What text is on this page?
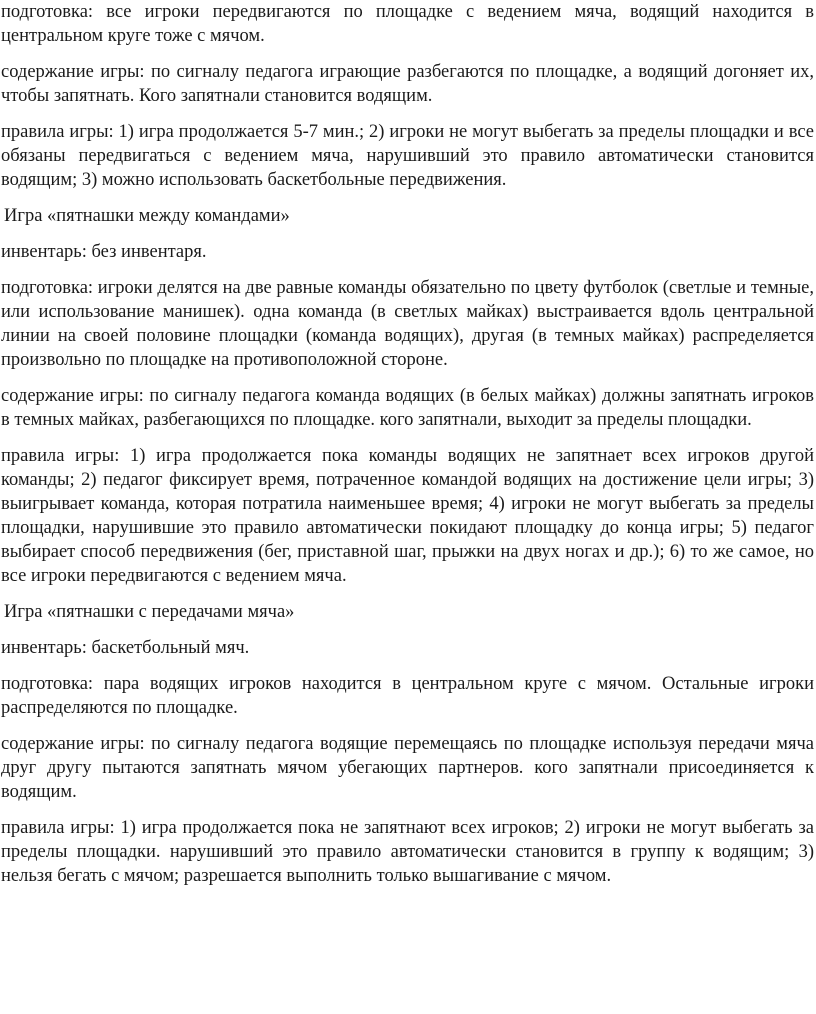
подготовка: все игроки передвигаются по площадке с ведением мяча, водящий находится в центральном круге тоже с мячом.

содержание игры: по сигналу педагога играющие разбегаются по площадке, а водящий догоняет их, чтобы запятнать. Кого запятнали становится водящим.

правила игры: 1) игра продолжается 5-7 мин.; 2) игроки не могут выбегать за пределы площадки и все обязаны передвигаться с ведением мяча, нарушивший это правило автоматически становится водящим; 3) можно использовать баскетбольные передвижения.

Игра «пятнашки между командами»

инвентарь: без инвентаря.

подготовка: игроки делятся на две равные команды обязательно по цвету футболок (светлые и темные, или использование манишек). одна команда (в светлых майках) выстраивается вдоль центральной линии на своей половине площадки (команда водящих), другая (в темных майках) распределяется произвольно по площадке на противоположной стороне.

содержание игры: по сигналу педагога команда водящих (в белых майках) должны запятнать игроков в темных майках, разбегающихся по площадке. кого запятнали, выходит за пределы площадки.

правила игры: 1) игра продолжается пока команды водящих не запятнает всех игроков другой команды; 2) педагог фиксирует время, потраченное командой водящих на достижение цели игры; 3) выигрывает команда, которая потратила наименьшее время; 4) игроки не могут выбегать за пределы площадки, нарушившие это правило автоматически покидают площадку до конца игры; 5) педагог выбирает способ передвижения (бег, приставной шаг, прыжки на двух ногах и др.); 6) то же самое, но все игроки передвигаются с ведением мяча.

Игра «пятнашки с передачами мяча»

инвентарь: баскетбольный мяч.

подготовка: пара водящих игроков находится в центральном круге с мячом. Остальные игроки распределяются по площадке.

содержание игры: по сигналу педагога водящие перемещаясь по площадке используя передачи мяча друг другу пытаются запятнать мячом убегающих партнеров. кого запятнали присоединяется к водящим.

правила игры: 1) игра продолжается пока не запятнают всех игроков; 2) игроки не могут выбегать за пределы площадки. нарушивший это правило автоматически становится в группу к водящим; 3) нельзя бегать с мячом; разрешается выполнить только вышагивание с мячом.
